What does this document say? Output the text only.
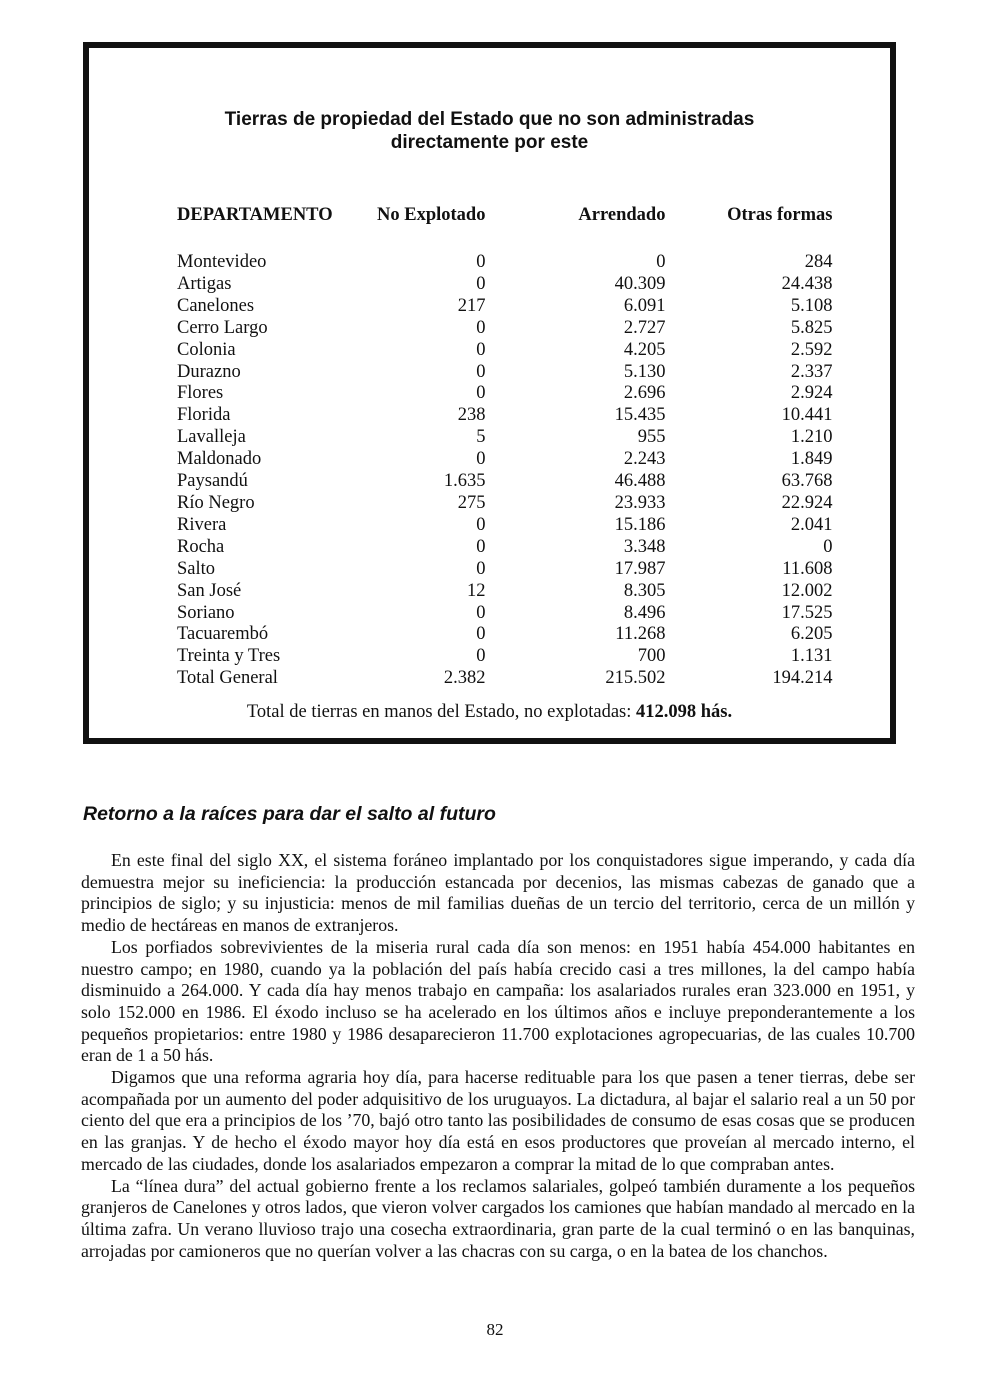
Tierras de propiedad del Estado que no son administradas
directamente por este
DEPARTAMENTO	No Explotado	Arrendado	Otras formas

Montevideo	0	0	284
Artigas	0	40.309	24.438
Canelones	217	6.091	5.108
Cerro Largo	0	2.727	5.825
Colonia	0	4.205	2.592
Durazno	0	5.130	2.337
Flores	0	2.696	2.924
Florida	238	15.435	10.441
Lavalleja	5	955	1.210
Maldonado	0	2.243	1.849
Paysandú	1.635	46.488	63.768
Río Negro	275	23.933	22.924
Rivera	0	15.186	2.041
Rocha	0	3.348	0
Salto	0	17.987	11.608
San José	12	8.305	12.002
Soriano	0	8.496	17.525
Tacuarembó	0	11.268	6.205
Treinta y Tres	0	700	1.131
Total General	2.382	215.502	194.214
Total de tierras en manos del Estado, no explotadas: 412.098 hás.
Retorno a la raíces para dar el salto al futuro

En este final del siglo XX, el sistema foráneo implantado por los conquistadores sigue imperando, y cada día demuestra mejor su ineficiencia: la producción estancada por decenios, las mismas cabezas de ganado que a principios de siglo; y su injusticia: menos de mil familias dueñas de un tercio del territorio, cerca de un millón y medio de hectáreas en manos de extranjeros.

Los porfiados sobrevivientes de la miseria rural cada día son menos: en 1951 había 454.000 habitantes en nuestro campo; en 1980, cuando ya la población del país había crecido casi a tres millones, la del campo había disminuido a 264.000. Y cada día hay menos trabajo en campaña: los asalariados rurales eran 323.000 en 1951, y solo 152.000 en 1986. El éxodo incluso se ha acelerado en los últimos años e incluye preponderantemente a los pequeños propietarios: entre 1980 y 1986 desaparecieron 11.700 explotaciones agropecuarias, de las cuales 10.700 eran de 1 a 50 hás.

Digamos que una reforma agraria hoy día, para hacerse redituable para los que pasen a tener tierras, debe ser acompañada por un aumento del poder adquisitivo de los uruguayos. La dictadura, al bajar el salario real a un 50 por ciento del que era a principios de los ’70, bajó otro tanto las posibilidades de consumo de esas cosas que se producen en las granjas. Y de hecho el éxodo mayor hoy día está en esos productores que proveían al mercado interno, el mercado de las ciudades, donde los asalariados empezaron a comprar la mitad de lo que compraban antes.

La “línea dura” del actual gobierno frente a los reclamos salariales, golpeó también duramente a los pequeños granjeros de Canelones y otros lados, que vieron volver cargados los camiones que habían mandado al mercado en la última zafra. Un verano lluvioso trajo una cosecha extraordinaria, gran parte de la cual terminó o en las banquinas, arrojadas por camioneros que no querían volver a las chacras con su carga, o en la batea de los chanchos.

82
